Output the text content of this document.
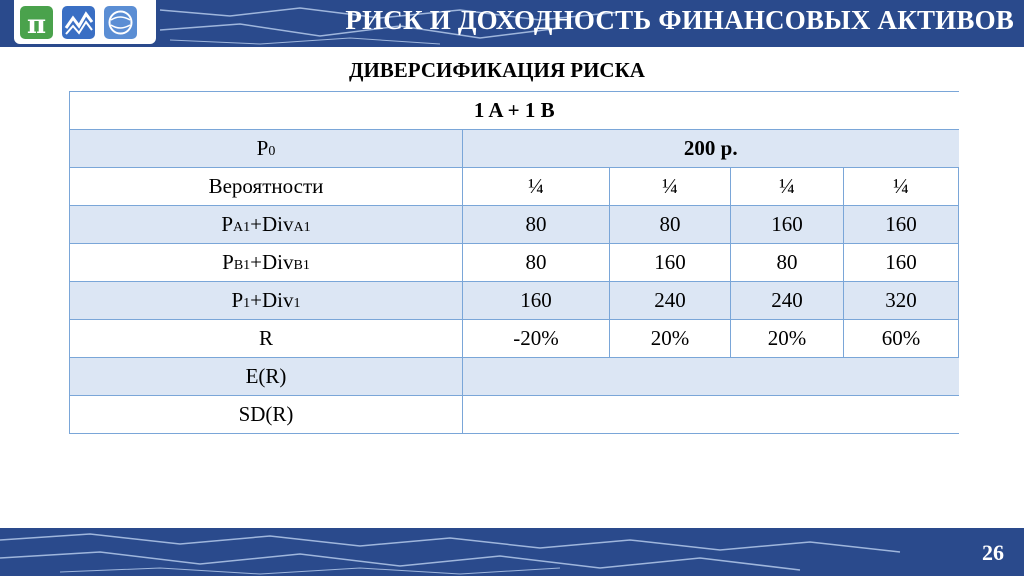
π	РИСК И ДОХОДНОСТЬ ФИНАНСОВЫХ АКТИВОВ
ДИВЕРСИФИКАЦИЯ РИСКА
1 A + 1 B				
P0	200 р.			
Вероятности	¼	¼	¼	¼
PA1+DivA1	80	80	160	160
PB1+DivB1	80	160	80	160
P1+Div1	160	240	240	320
R	-20%	20%	20%	60%
E(R)				
SD(R)				
26
